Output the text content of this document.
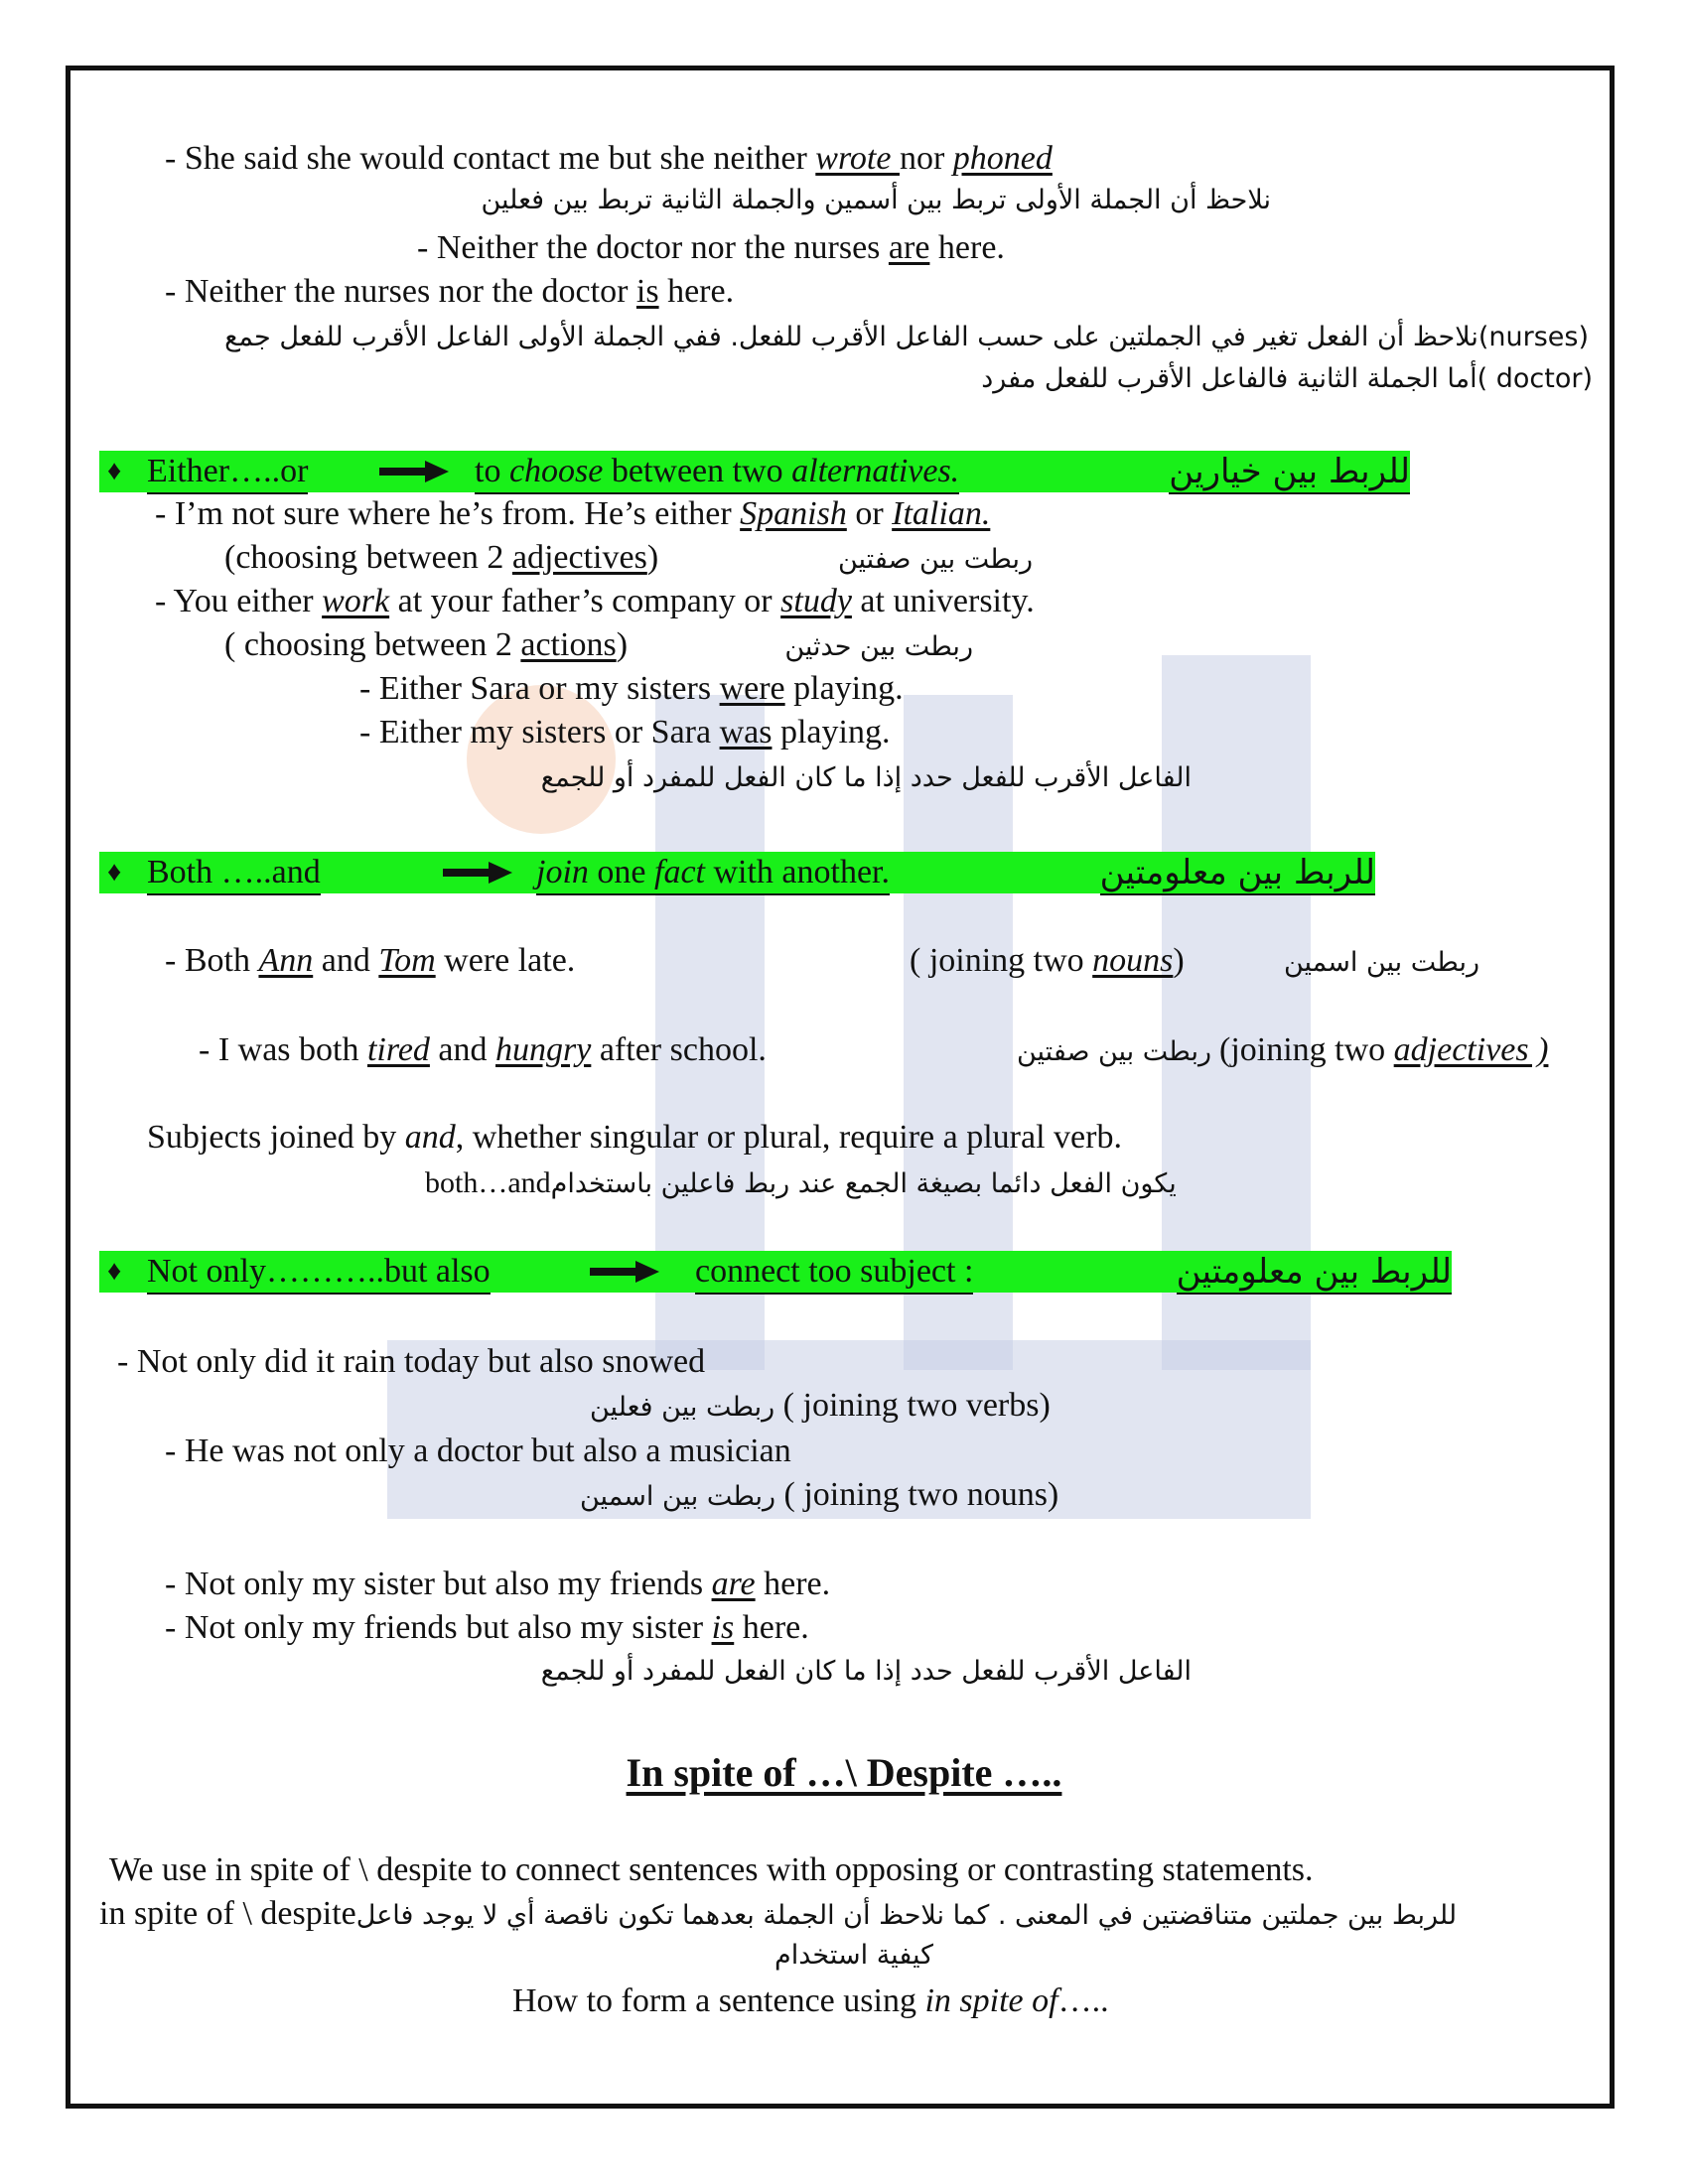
- She said she would contact me but she neither wrote nor phoned
نلاحظ أن الجملة الأولى تربط بين أسمين والجملة الثانية تربط بين فعلين
- Neither the doctor nor the nurses are here.
- Neither the nurses nor the doctor is here.
(nurses)نلاحظ أن الفعل تغير في الجملتين على حسب الفاعل الأقرب للفعل. ففي الجملة الأولى الفاعل الأقرب للفعل جمع
(doctor )أما الجملة الثانية فالفاعل الأقرب للفعل مفرد
♦ Either…..or	to choose between two alternatives.	للربط بين خيارين
- I’m not sure where he’s from. He’s either Spanish or Italian.
(choosing between 2 adjectives)	ربطت بين صفتين
- You either work at your father’s company or study at university.
( choosing between 2 actions)	ربطت بين حدثين
- Either Sara or my sisters were playing.
- Either my sisters or Sara was playing.
الفاعل الأقرب للفعل حدد إذا ما كان الفعل للمفرد أو للجمع
♦ Both …..and	join one fact with another.	للربط بين معلومتين
- Both Ann and Tom were late.	( joining two nouns)	ربطت بين اسمين
- I was both tired and hungry after school.	ربطت بين صفتين (joining two adjectives )
Subjects joined by and, whether singular or plural, require a plural verb.
both…andيكون الفعل دائما بصيغة الجمع عند ربط فاعلين باستخدام
♦ Not only………..but also	connect too subject :	للربط بين معلومتين
- Not only did it rain today but also snowed
ربطت بين فعلين ( joining two verbs)
- He was not only a doctor but also a musician
ربطت بين اسمين ( joining two nouns)
- Not only my sister but also my friends are here.
- Not only my friends but also my sister is here.
الفاعل الأقرب للفعل حدد إذا ما كان الفعل للمفرد أو للجمع
In spite of …\ Despite …..
We use in spite of \ despite to connect sentences with opposing or contrasting statements.
in spite of \ despiteللربط بين جملتين متناقضتين في المعنى . كما نلاحظ أن الجملة بعدهما تكون ناقصة أي لا يوجد فاعل
كيفية استخدام
How to form a sentence using in spite of…..
